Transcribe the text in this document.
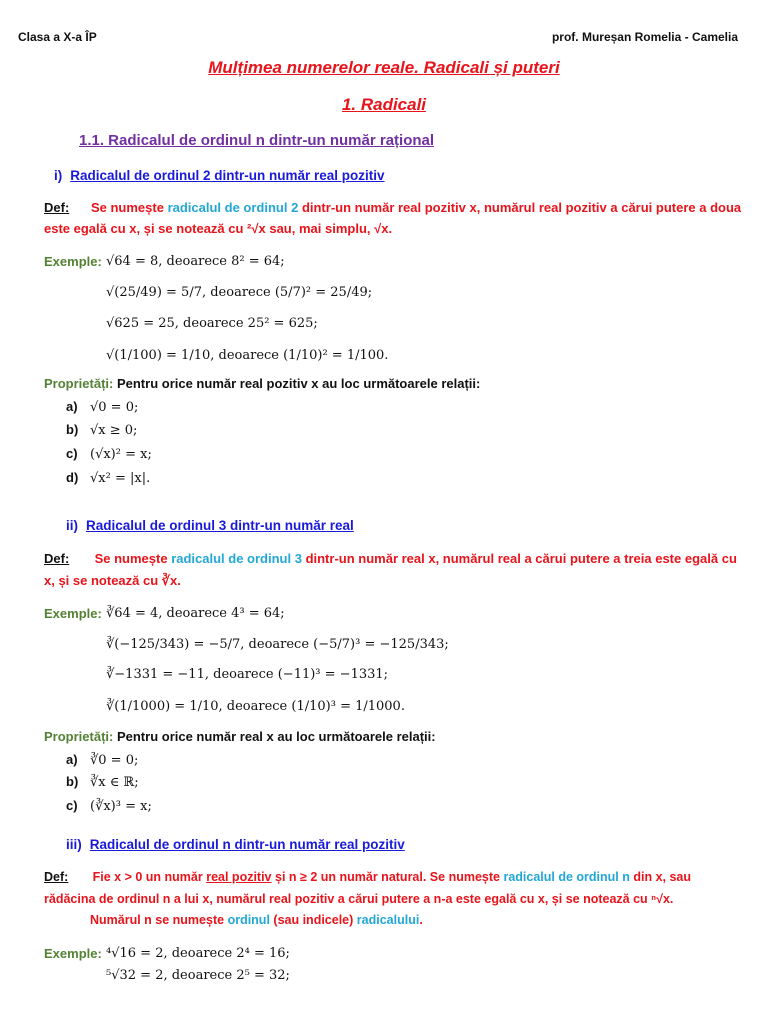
Clasa a X-a ÎP	prof. Mureșan Romelia - Camelia
Mulțimea numerelor reale. Radicali și puteri
1. Radicali
1.1. Radicalul de ordinul n dintr-un număr rațional
i) Radicalul de ordinul 2 dintr-un număr real pozitiv
Def: Se numește radicalul de ordinul 2 dintr-un număr real pozitiv x, numărul real pozitiv a cărui putere a doua
este egală cu x, și se notează cu ²√x sau, mai simplu, √x.
Exemple: √64 = 8, deoarece 8² = 64;
√(25/49) = 5/7, deoarece (5/7)² = 25/49;
√625 = 25, deoarece 25² = 625;
√(1/100) = 1/10, deoarece (1/10)² = 1/100.
Proprietăți: Pentru orice număr real pozitiv x au loc următoarele relații:
a) √0 = 0;
b) √x ≥ 0;
c) (√x)² = x;
d) √x² = |x|.
ii) Radicalul de ordinul 3 dintr-un număr real
Def: Se numește radicalul de ordinul 3 dintr-un număr real x, numărul real a cărui putere a treia este egală cu
x, și se notează cu ∛x.
Exemple: ∛64 = 4, deoarece 4³ = 64;
∛(−125/343) = −5/7, deoarece (−5/7)³ = −125/343;
∛−1331 = −11, deoarece (−11)³ = −1331;
∛(1/1000) = 1/10, deoarece (1/10)³ = 1/1000.
Proprietăți: Pentru orice număr real x au loc următoarele relații:
a) ∛0 = 0;
b) ∛x ∈ ℝ;
c) (∛x)³ = x;
iii) Radicalul de ordinul n dintr-un număr real pozitiv
Def: Fie x > 0 un număr real pozitiv și n ≥ 2 un număr natural. Se numește radicalul de ordinul n din x, sau
rădăcina de ordinul n a lui x, numărul real pozitiv a cărui putere a n-a este egală cu x, și se notează cu ⁿ√x.
Numărul n se numește ordinul (sau indicele) radicalului.
Exemple: ⁴√16 = 2, deoarece 2⁴ = 16;
⁵√32 = 2, deoarece 2⁵ = 32;
